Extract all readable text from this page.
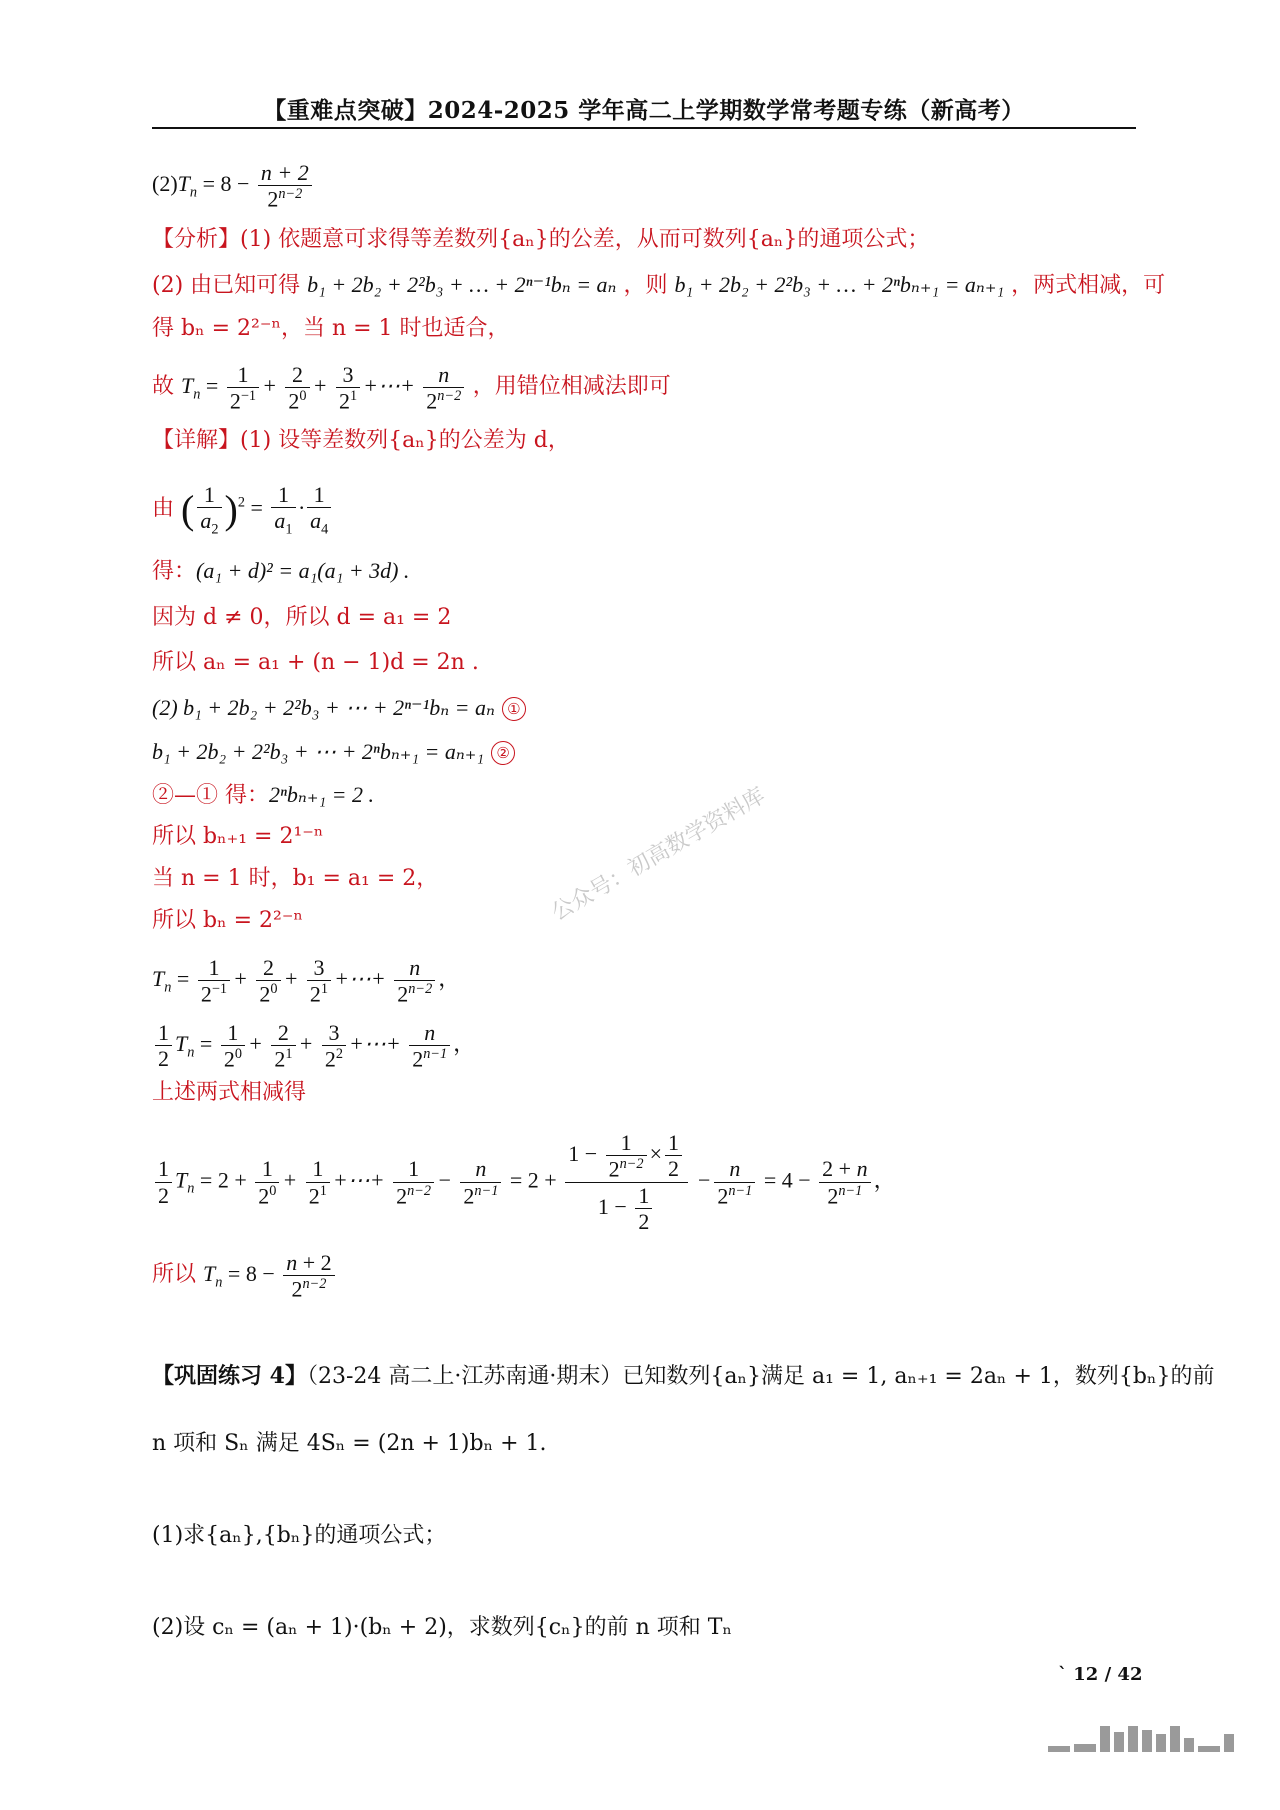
【重难点突破】2024-2025 学年高二上学期数学常考题专练（新高考）
$(2)T_n = 8 - \frac{n + 2}{2^{n-2}}$
【分析】(1) 依题意可求得等差数列{aₙ}的公差，从而可数列{aₙ}的通项公式；
(2) 由已知可得 b₁ + 2b₂ + 2²b₃ + … + 2ⁿ⁻¹bₙ = aₙ ，则 b₁ + 2b₂ + 2²b₃ + … + 2ⁿbₙ₊₁ = aₙ₊₁ ，两式相减，可
得 bₙ = 2²⁻ⁿ，当 n = 1 时也适合，
故 $T_n = \frac{1}{2^{-1}} + \frac{2}{2^0} + \frac{3}{2^1}$ +⋯+ $\frac{n}{2^{n-2}}$ ，用错位相减法即可
【详解】(1) 设等差数列{aₙ}的公差为 d，
由 ( $\frac{1}{a_2} )^2 = \frac{1}{a_1} \cdot \frac{1}{a_4}$
得：(a₁ + d)² = a₁(a₁ + 3d) .
因为 d ≠ 0，所以 d = a₁ = 2
所以 aₙ = a₁ + (n − 1)d = 2n .
(2) b₁ + 2b₂ + 2²b₃ + ⋯ + 2ⁿ⁻¹bₙ = aₙ ①
b₁ + 2b₂ + 2²b₃ + ⋯ + 2ⁿbₙ₊₁ = aₙ₊₁ ②
②—① 得：2ⁿbₙ₊₁ = 2 .
所以 bₙ₊₁ = 2¹⁻ⁿ
当 n = 1 时，b₁ = a₁ = 2，
所以 bₙ = 2²⁻ⁿ
$T_n = \frac{1}{2^{-1}} + \frac{2}{2^0} + \frac{3}{2^1}$ +⋯+ $\frac{n}{2^{n-2}}$ ，
$\frac{1}{2} T_n = \frac{1}{2^0} + \frac{2}{2^1} + \frac{3}{2^2}$ +⋯+ $\frac{n}{2^{n-1}}$ ，
上述两式相减得
$\frac{1}{2} T_n = 2 + \frac{1}{2^0} + \frac{1}{2^1}$ +⋯+ $\frac{1}{2^{n-2}} - \frac{n}{2^{n-1}} = 2 + \frac{1 - \frac{1}{2^{n-2}} \times \frac{1}{2}}{1 - \frac{1}{2}} - \frac{n}{2^{n-1}} = 4 - \frac{2 + n}{2^{n-1}}$ ，
所以 $T_n = 8 - \frac{n + 2}{2^{n-2}}$
【巩固练习 4】（23-24 高二上·江苏南通·期末）已知数列{aₙ}满足 a₁ = 1, aₙ₊₁ = 2aₙ + 1，数列{bₙ}的前
n 项和 Sₙ 满足 4Sₙ = (2n + 1)bₙ + 1.
(1)求{aₙ},{bₙ}的通项公式；
(2)设 cₙ = (aₙ + 1)·(bₙ + 2)，求数列{cₙ}的前 n 项和 Tₙ
公众号：初高数学资料库
` 12 / 42
